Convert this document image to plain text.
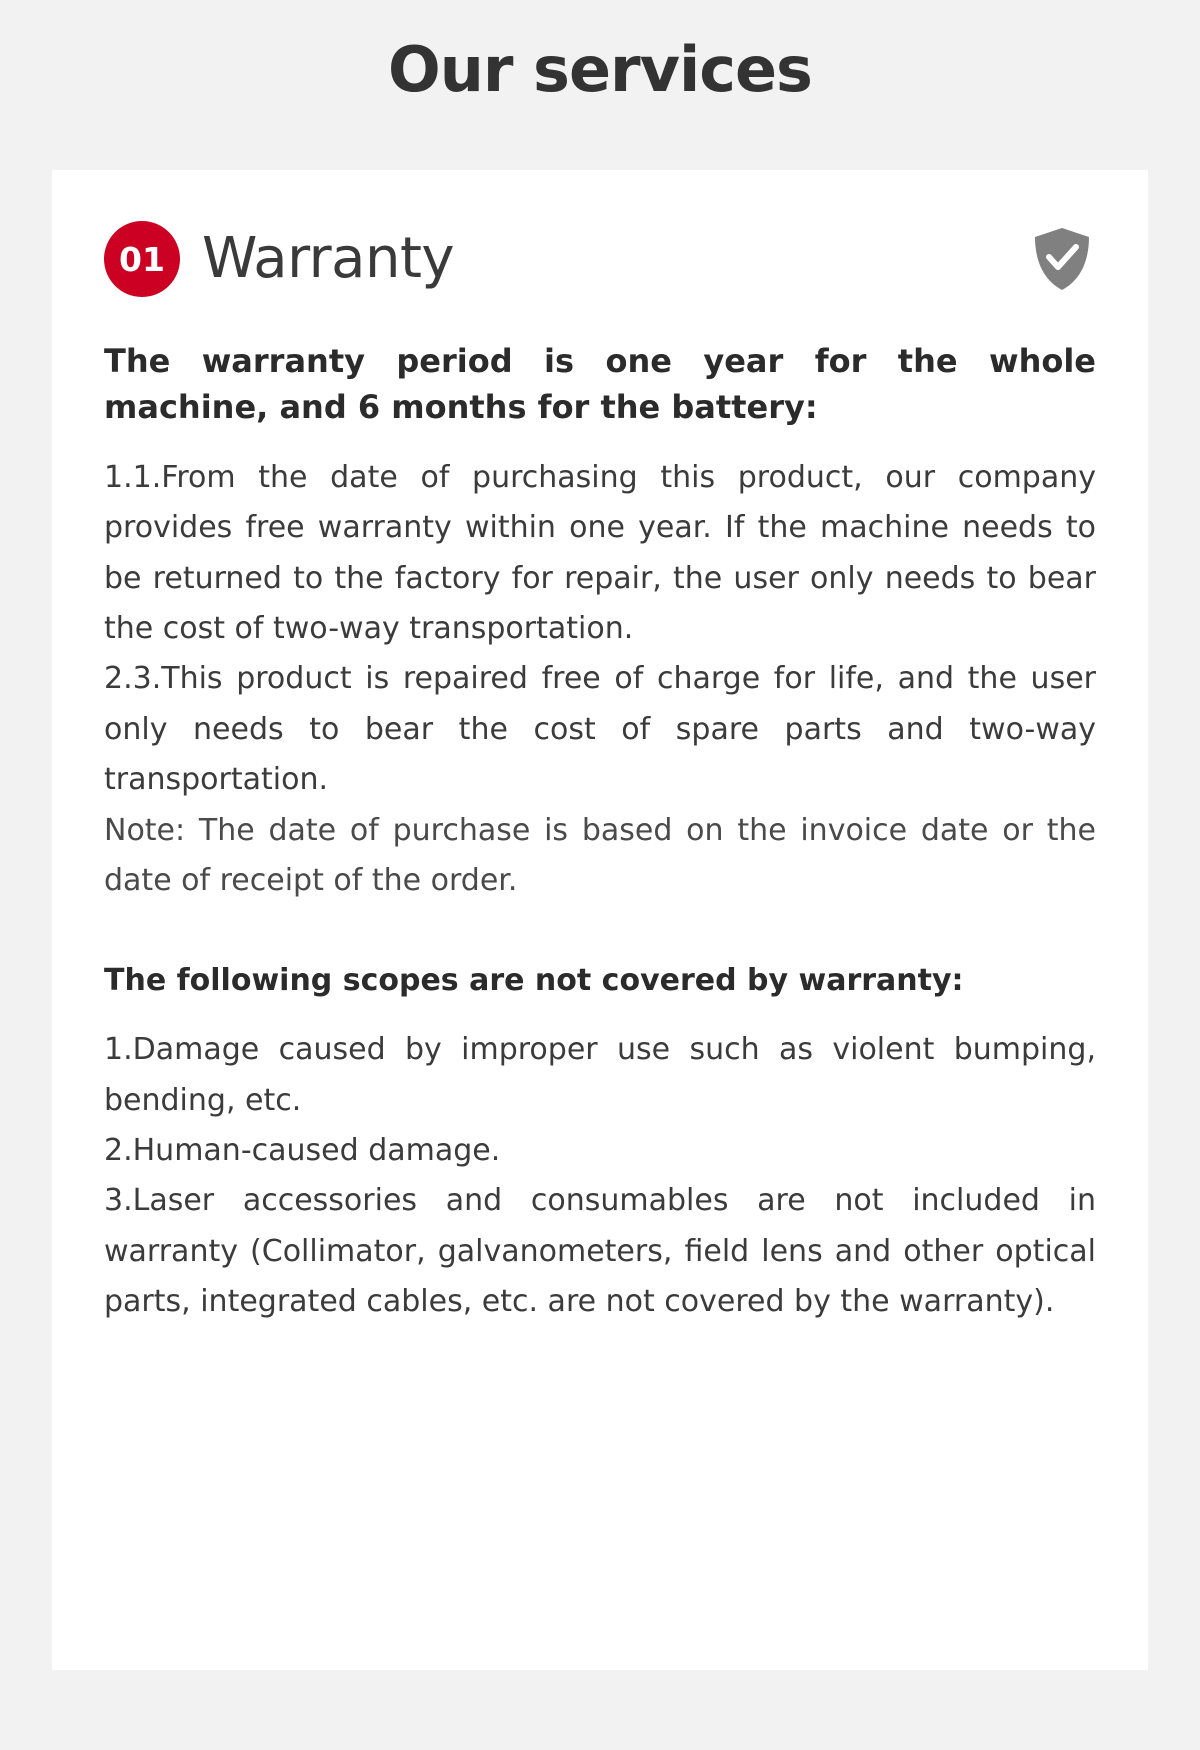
Our services
01 Warranty

The warranty period is one year for the whole machine, and 6 months for the battery:

1.1.From the date of purchasing this product, our company provides free warranty within one year. If the machine needs to be returned to the factory for repair, the user only needs to bear the cost of two-way transportation.

2.3.This product is repaired free of charge for life, and the user only needs to bear the cost of spare parts and two-way transportation.

Note: The date of purchase is based on the invoice date or the date of receipt of the order.

The following scopes are not covered by warranty:

1.Damage caused by improper use such as violent bumping, bending, etc.

2.Human-caused damage.

3.Laser accessories and consumables are not included in warranty (Collimator, galvanometers, field lens and other optical parts, integrated cables, etc. are not covered by the warranty).
